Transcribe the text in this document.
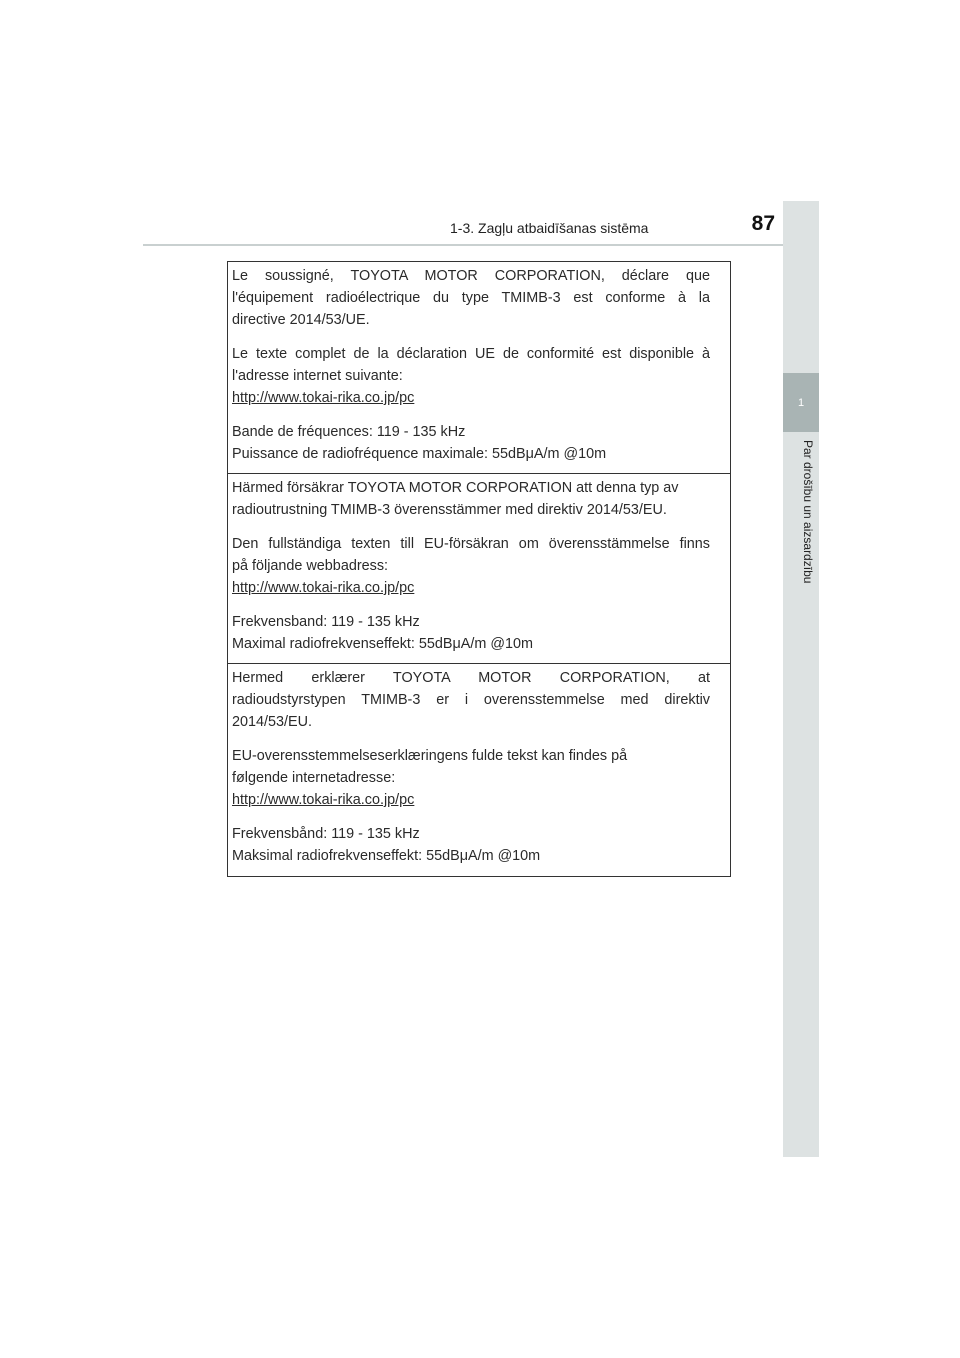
1-3. Zagļu atbaidīšanas sistēma	87
1
Par drošību un aizsardzību

Le soussigné, TOYOTA MOTOR CORPORATION, déclare que

l'équipement radioélectrique du type TMIMB-3 est conforme à la

directive 2014/53/UE.

Le texte complet de la déclaration UE de conformité est disponible à

l'adresse internet suivante:

http://www.tokai-rika.co.jp/pc

Bande de fréquences: 119 - 135 kHz

Puissance de radiofréquence maximale: 55dBμA/m @10m

Härmed försäkrar TOYOTA MOTOR CORPORATION att denna typ av

radioutrustning TMIMB-3 överensstämmer med direktiv 2014/53/EU.

Den fullständiga texten till EU-försäkran om överensstämmelse finns

på följande webbadress:

http://www.tokai-rika.co.jp/pc

Frekvensband: 119 - 135 kHz

Maximal radiofrekvenseffekt: 55dBμA/m @10m

Hermed erklærer TOYOTA MOTOR CORPORATION, at

radioudstyrstypen TMIMB-3 er i overensstemmelse med direktiv

2014/53/EU.

EU-overensstemmelseserklæringens fulde tekst kan findes på

følgende internetadresse:

http://www.tokai-rika.co.jp/pc

Frekvensbånd: 119 - 135 kHz

Maksimal radiofrekvenseffekt: 55dBμA/m @10m
